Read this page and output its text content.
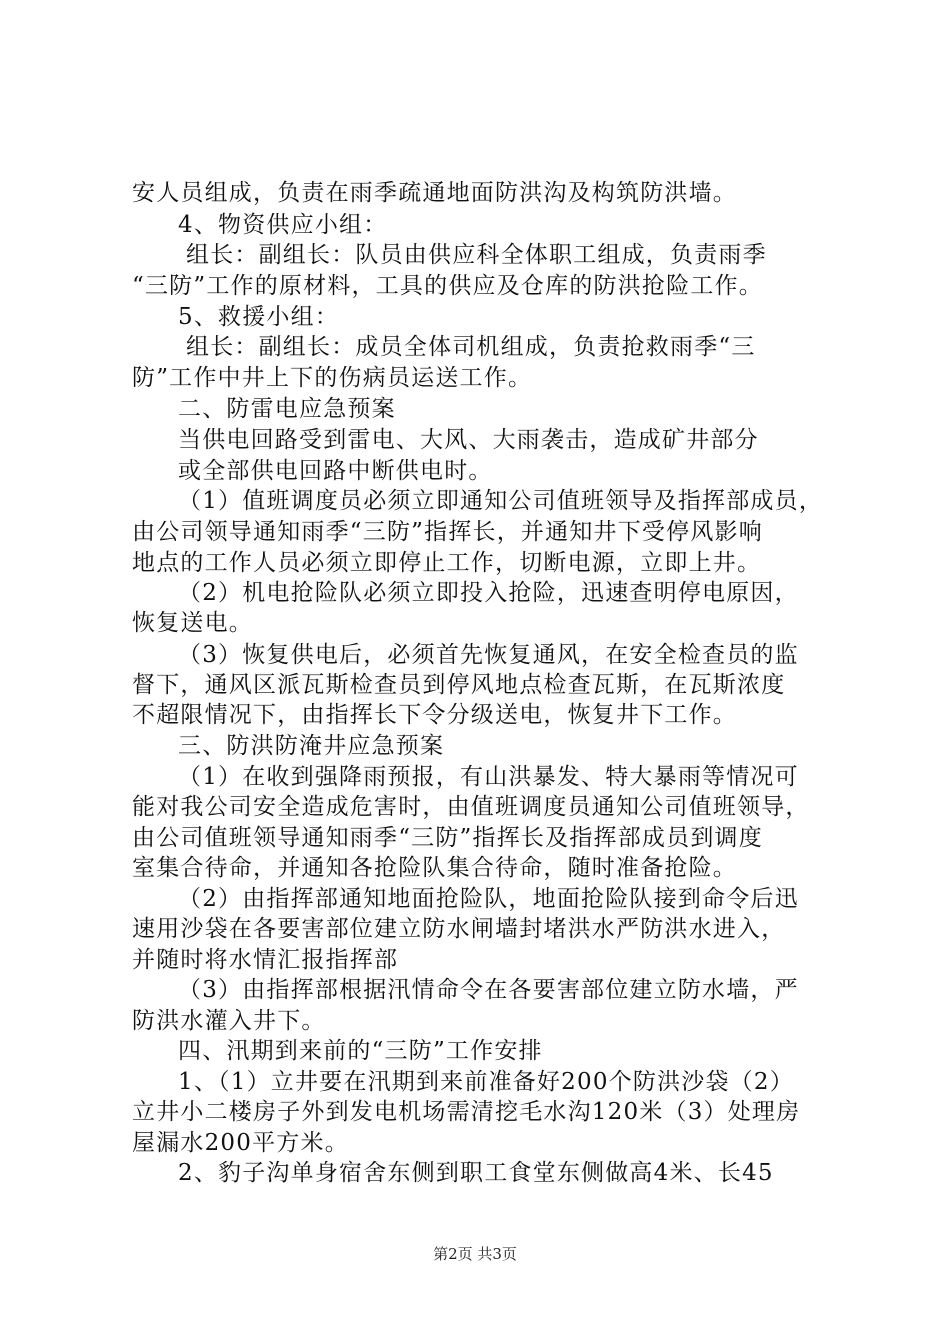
安人员组成，负责在雨季疏通地面防洪沟及构筑防洪墙。
4、物资供应小组：
组长：副组长：队员由供应科全体职工组成，负责雨季
“三防”工作的原材料，工具的供应及仓库的防洪抢险工作。
5、救援小组：
组长：副组长：成员全体司机组成，负责抢救雨季“三
防”工作中井上下的伤病员运送工作。
二、防雷电应急预案
当供电回路受到雷电、大风、大雨袭击，造成矿井部分
或全部供电回路中断供电时。
（1）值班调度员必须立即通知公司值班领导及指挥部成员，
由公司领导通知雨季“三防”指挥长，并通知井下受停风影响
地点的工作人员必须立即停止工作，切断电源，立即上井。
（2）机电抢险队必须立即投入抢险，迅速查明停电原因，
恢复送电。
（3）恢复供电后，必须首先恢复通风，在安全检查员的监
督下，通风区派瓦斯检查员到停风地点检查瓦斯，在瓦斯浓度
不超限情况下，由指挥长下令分级送电，恢复井下工作。
三、防洪防淹井应急预案
（1）在收到强降雨预报，有山洪暴发、特大暴雨等情况可
能对我公司安全造成危害时，由值班调度员通知公司值班领导，
由公司值班领导通知雨季“三防”指挥长及指挥部成员到调度
室集合待命，并通知各抢险队集合待命，随时准备抢险。
（2）由指挥部通知地面抢险队，地面抢险队接到命令后迅
速用沙袋在各要害部位建立防水闸墙封堵洪水严防洪水进入，
并随时将水情汇报指挥部
（3）由指挥部根据汛情命令在各要害部位建立防水墙，严
防洪水灌入井下。
四、汛期到来前的“三防”工作安排
1、（1）立井要在汛期到来前准备好200个防洪沙袋（2）
立井小二楼房子外到发电机场需清挖毛水沟120米（3）处理房
屋漏水200平方米。
2、豹子沟单身宿舍东侧到职工食堂东侧做高4米、长45
第2页 共3页
